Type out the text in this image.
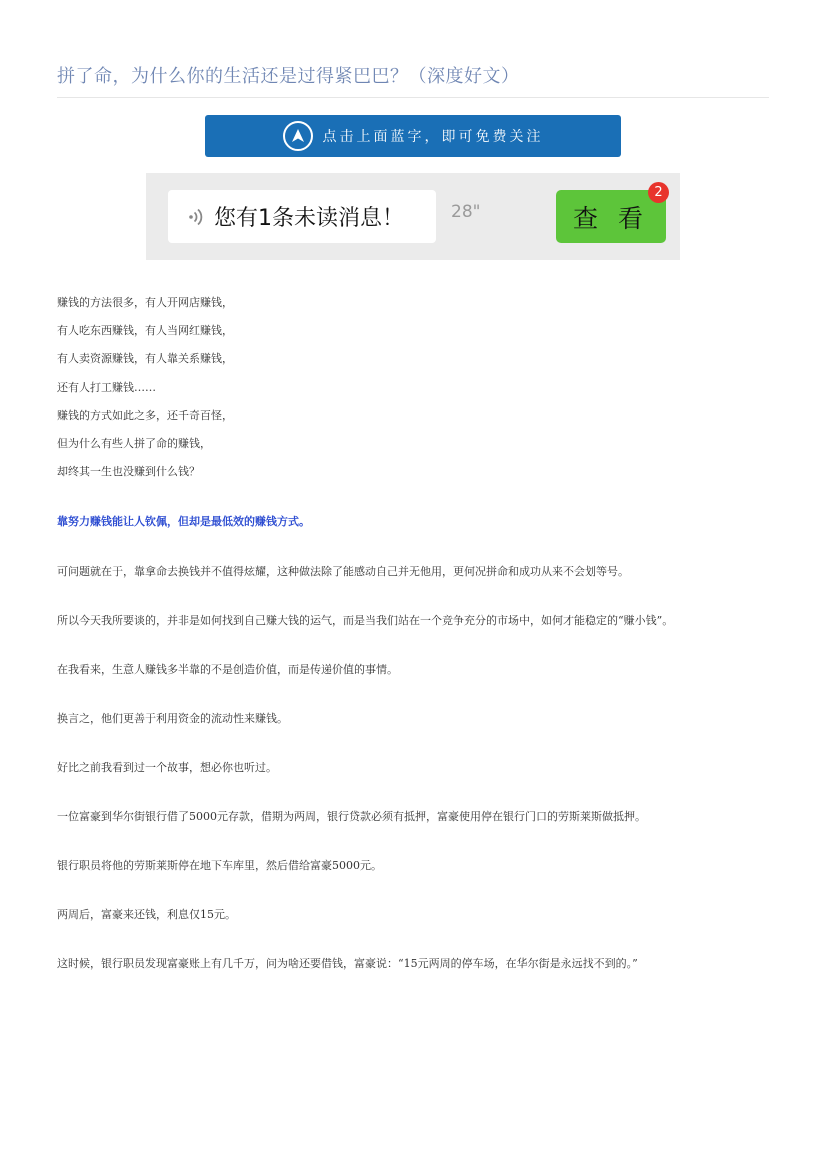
拼了命，为什么你的生活还是过得紧巴巴？（深度好文）
点击上面蓝字，即可免费关注
您有1条未读消息！	28"	查 看
2
赚钱的方法很多，有人开网店赚钱，
有人吃东西赚钱，有人当网红赚钱，
有人卖资源赚钱，有人靠关系赚钱，
还有人打工赚钱……
赚钱的方式如此之多，还千奇百怪，
但为什么有些人拼了命的赚钱，
却终其一生也没赚到什么钱？
靠努力赚钱能让人钦佩，但却是最低效的赚钱方式。
可问题就在于，靠拿命去换钱并不值得炫耀，这种做法除了能感动自己并无他用，更何况拼命和成功从来不会划等号。
所以今天我所要谈的，并非是如何找到自己赚大钱的运气，而是当我们站在一个竞争充分的市场中，如何才能稳定的“赚小钱”。
在我看来，生意人赚钱多半靠的不是创造价值，而是传递价值的事情。
换言之，他们更善于利用资金的流动性来赚钱。
好比之前我看到过一个故事，想必你也听过。
一位富豪到华尔街银行借了5000元存款，借期为两周，银行贷款必须有抵押，富豪使用停在银行门口的劳斯莱斯做抵押。
银行职员将他的劳斯莱斯停在地下车库里，然后借给富豪5000元。
两周后，富豪来还钱，利息仅15元。
这时候，银行职员发现富豪账上有几千万，问为啥还要借钱，富豪说：“15元两周的停车场，在华尔街是永远找不到的。”
